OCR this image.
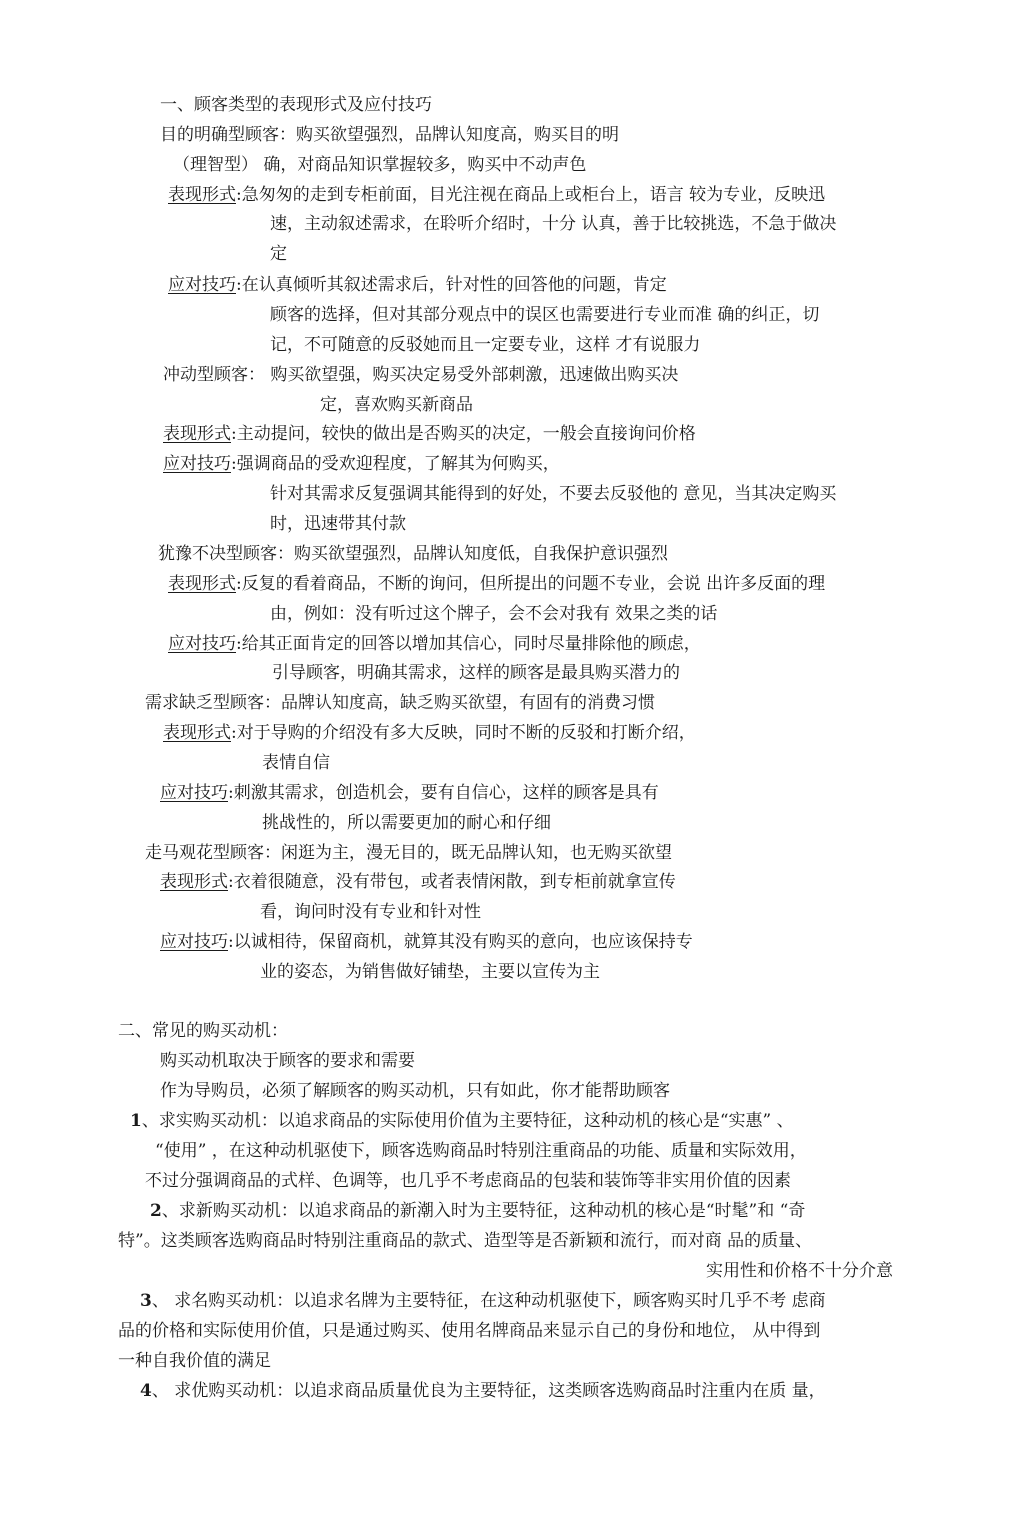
一、顾客类型的表现形式及应付技巧
目的明确型顾客：购买欲望强烈，品牌认知度高，购买目的明
（理智型） 确，对商品知识掌握较多，购买中不动声色
表现形式:急匆匆的走到专柜前面，目光注视在商品上或柜台上，语言 较为专业，反映迅
速，主动叙述需求，在聆听介绍时，十分 认真，善于比较挑选，不急于做决
定
应对技巧:在认真倾听其叙述需求后，针对性的回答他的问题，肯定
顾客的选择，但对其部分观点中的误区也需要进行专业而准 确的纠正，切
记，不可随意的反驳她而且一定要专业，这样 才有说服力
冲动型顾客： 购买欲望强，购买决定易受外部刺激，迅速做出购买决
定，喜欢购买新商品
表现形式:主动提问，较快的做出是否购买的决定，一般会直接询问价格
应对技巧:强调商品的受欢迎程度，了解其为何购买，
针对其需求反复强调其能得到的好处，不要去反驳他的 意见，当其决定购买
时，迅速带其付款
犹豫不决型顾客：购买欲望强烈，品牌认知度低，自我保护意识强烈
表现形式:反复的看着商品，不断的询问，但所提出的问题不专业，会说 出许多反面的理
由，例如：没有听过这个牌子，会不会对我有 效果之类的话
应对技巧:给其正面肯定的回答以增加其信心，同时尽量排除他的顾虑，
引导顾客，明确其需求，这样的顾客是最具购买潜力的
需求缺乏型顾客：品牌认知度高，缺乏购买欲望，有固有的消费习惯
表现形式:对于导购的介绍没有多大反映，同时不断的反驳和打断介绍，
表情自信
应对技巧:刺激其需求，创造机会，要有自信心，这样的顾客是具有
挑战性的，所以需要更加的耐心和仔细
走马观花型顾客：闲逛为主，漫无目的，既无品牌认知，也无购买欲望
表现形式:衣着很随意，没有带包，或者表情闲散，到专柜前就拿宣传
看，询问时没有专业和针对性
应对技巧:以诚相待，保留商机，就算其没有购买的意向，也应该保持专
业的姿态，为销售做好铺垫，主要以宣传为主
二、常见的购买动机：
购买动机取决于顾客的要求和需要
作为导购员，必须了解顾客的购买动机，只有如此，你才能帮助顾客
1、求实购买动机：以追求商品的实际使用价值为主要特征，这种动机的核心是“实惠” 、
“使用” ，在这种动机驱使下，顾客选购商品时特别注重商品的功能、质量和实际效用，
不过分强调商品的式样、色调等，也几乎不考虑商品的包装和装饰等非实用价值的因素
2、求新购买动机：以追求商品的新潮入时为主要特征，这种动机的核心是“时髦”和 “奇
特”。这类顾客选购商品时特别注重商品的款式、造型等是否新颖和流行，而对商 品的质量、
实用性和价格不十分介意
3、 求名购买动机：以追求名牌为主要特征，在这种动机驱使下，顾客购买时几乎不考 虑商
品的价格和实际使用价值，只是通过购买、使用名牌商品来显示自己的身份和地位， 从中得到
一种自我价值的满足
4、 求优购买动机：以追求商品质量优良为主要特征，这类顾客选购商品时注重内在质 量，
